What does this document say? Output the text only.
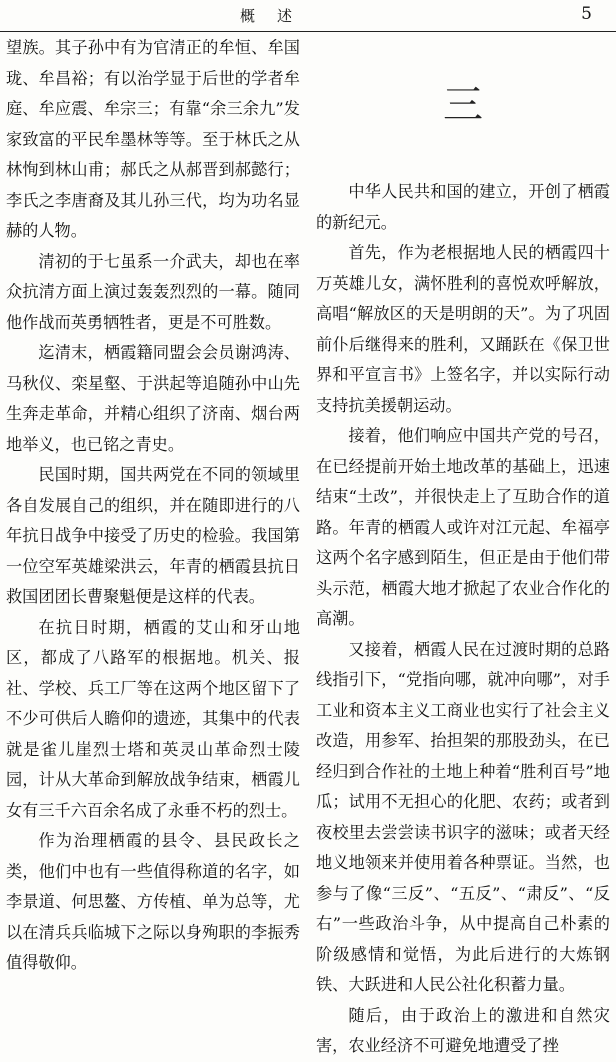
概述	5

望族。其子孙中有为官清正的牟恒、牟国珑、牟昌裕；有以治学显于后世的学者牟庭、牟应震、牟宗三；有靠“余三余九”发家致富的平民牟墨林等等。至于林氏之从林恂到林山甫；郝氏之从郝晋到郝懿行；李氏之李唐裔及其儿孙三代，均为功名显赫的人物。

清初的于七虽系一介武夫，却也在率众抗清方面上演过轰轰烈烈的一幕。随同他作战而英勇牺牲者，更是不可胜数。

迄清末，栖霞籍同盟会会员谢鸿涛、马秋仪、栾星壑、于洪起等追随孙中山先生奔走革命，并精心组织了济南、烟台两地举义，也已铭之青史。

民国时期，国共两党在不同的领域里各自发展自己的组织，并在随即进行的八年抗日战争中接受了历史的检验。我国第一位空军英雄梁洪云，年青的栖霞县抗日救国团团长曹聚魁便是这样的代表。

在抗日时期，栖霞的艾山和牙山地区，都成了八路军的根据地。机关、报社、学校、兵工厂等在这两个地区留下了不少可供后人瞻仰的遗迹，其集中的代表就是雀儿崖烈士塔和英灵山革命烈士陵园，计从大革命到解放战争结束，栖霞儿女有三千六百余名成了永垂不朽的烈士。

作为治理栖霞的县令、县民政长之类，他们中也有一些值得称道的名字，如李景道、何思鳌、方传植、单为总等，尤以在清兵兵临城下之际以身殉职的李振秀值得敬仰。

三

中华人民共和国的建立，开创了栖霞的新纪元。

首先，作为老根据地人民的栖霞四十万英雄儿女，满怀胜利的喜悦欢呼解放，高唱“解放区的天是明朗的天”。为了巩固前仆后继得来的胜利，又踊跃在《保卫世界和平宣言书》上签名字，并以实际行动支持抗美援朝运动。

接着，他们响应中国共产党的号召，在已经提前开始土地改革的基础上，迅速结束“土改”，并很快走上了互助合作的道路。年青的栖霞人或许对江元起、牟福亭这两个名字感到陌生，但正是由于他们带头示范，栖霞大地才掀起了农业合作化的高潮。

又接着，栖霞人民在过渡时期的总路线指引下，“党指向哪，就冲向哪”，对手工业和资本主义工商业也实行了社会主义改造，用参军、抬担架的那股劲头，在已经归到合作社的土地上种着“胜利百号”地瓜；试用不无担心的化肥、农药；或者到夜校里去尝尝读书识字的滋味；或者天经地义地领来并使用着各种票证。当然，也参与了像“三反”、“五反”、“肃反”、“反右”一些政治斗争，从中提高自己朴素的阶级感情和觉悟，为此后进行的大炼钢铁、大跃进和人民公社化积蓄力量。

随后，由于政治上的激进和自然灾害，农业经济不可避免地遭受了挫
